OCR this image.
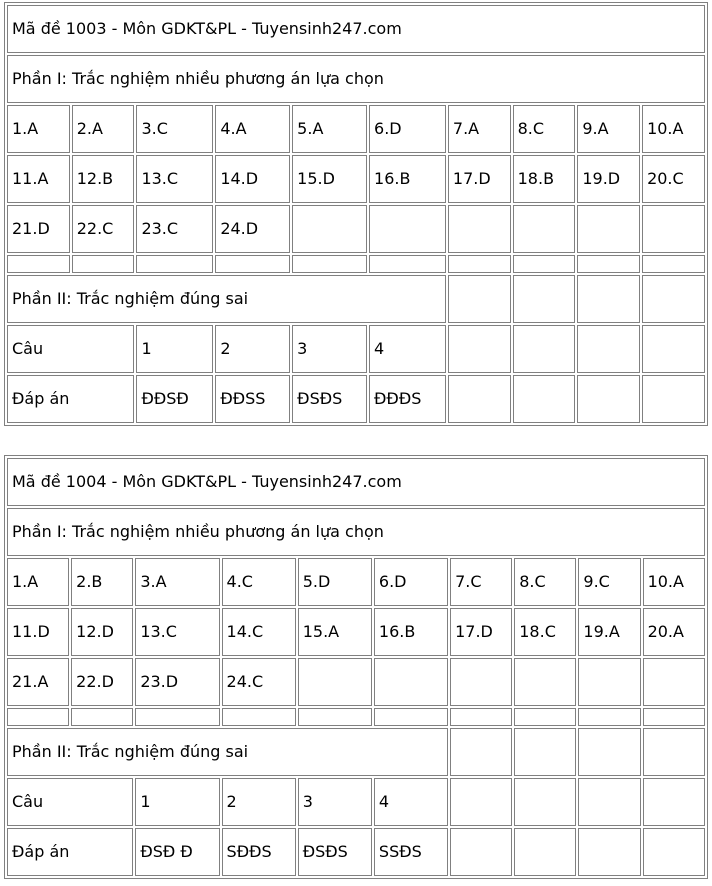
Mã đề 1003 - Môn GDKT&PL - Tuyensinh247.com									
Phần I: Trắc nghiệm nhiều phương án lựa chọn									
1.A	2.A	3.C	4.A	5.A	6.D	7.A	8.C	9.A	10.A
11.A	12.B	13.C	14.D	15.D	16.B	17.D	18.B	19.D	20.C
21.D	22.C	23.C	24.D						

Phần II: Trắc nghiệm đúng sai									
Câu		1	2	3	4				
Đáp án		ĐĐSĐ	ĐĐSS	ĐSĐS	ĐĐĐS				
Mã đề 1004 - Môn GDKT&PL - Tuyensinh247.com									
Phần I: Trắc nghiệm nhiều phương án lựa chọn									
1.A	2.B	3.A	4.C	5.D	6.D	7.C	8.C	9.C	10.A
11.D	12.D	13.C	14.C	15.A	16.B	17.D	18.C	19.A	20.A
21.A	22.D	23.D	24.C						

Phần II: Trắc nghiệm đúng sai									
Câu		1	2	3	4				
Đáp án		ĐSĐ Đ	SĐĐS	ĐSĐS	SSĐS				
